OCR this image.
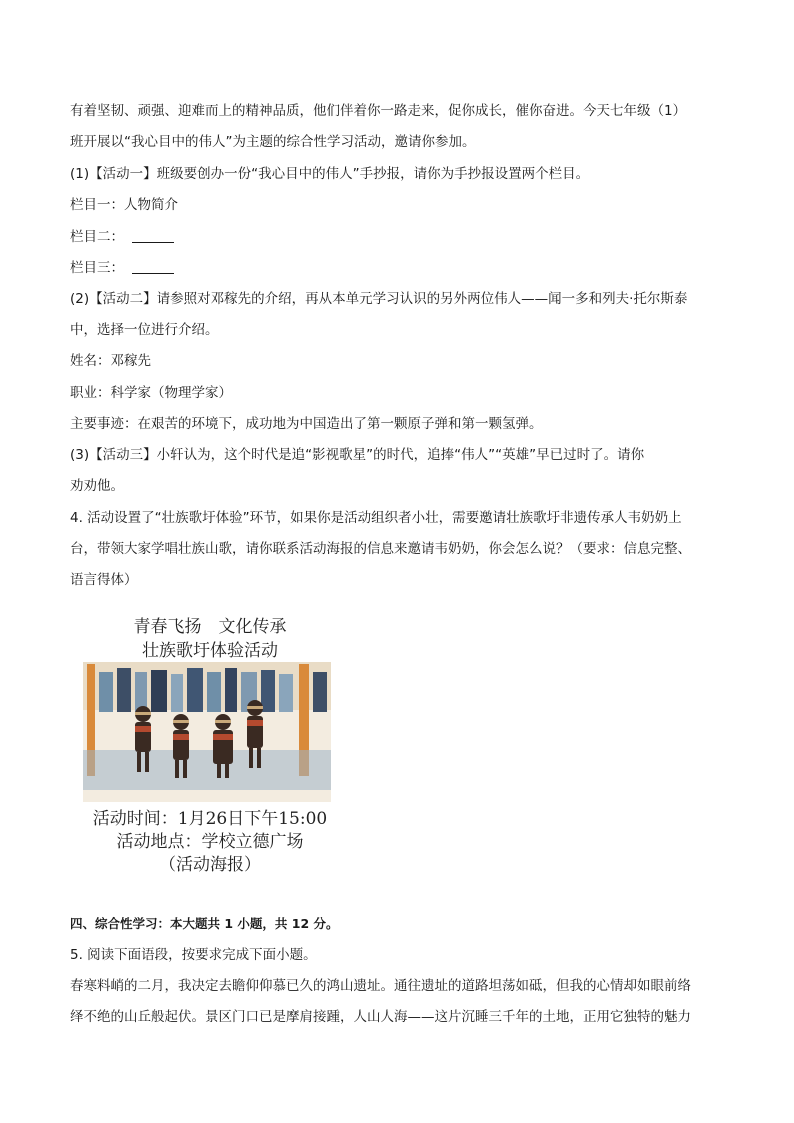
有着坚韧、顽强、迎难而上的精神品质，他们伴着你一路走来，促你成长，催你奋进。今天七年级（1）
班开展以“我心目中的伟人”为主题的综合性学习活动，邀请你参加。
(1)【活动一】班级要创办一份“我心目中的伟人”手抄报，请你为手抄报设置两个栏目。
栏目一：人物简介
栏目二：
栏目三：
(2)【活动二】请参照对邓稼先的介绍，再从本单元学习认识的另外两位伟人——闻一多和列夫·托尔斯泰
中，选择一位进行介绍。
姓名：邓稼先
职业：科学家（物理学家）
主要事迹：在艰苦的环境下，成功地为中国造出了第一颗原子弹和第一颗氢弹。
(3)【活动三】小轩认为，这个时代是追“影视歌星”的时代，追捧“伟人”“英雄”早已过时了。请你
劝劝他。
4. 活动设置了“壮族歌圩体验”环节，如果你是活动组织者小壮，需要邀请壮族歌圩非遗传承人韦奶奶上
台，带领大家学唱壮族山歌，请你联系活动海报的信息来邀请韦奶奶，你会怎么说？（要求：信息完整、
语言得体）
青春飞扬　文化传承
壮族歌圩体验活动
活动时间：1月26日下午15:00
活动地点：学校立德广场
（活动海报）
四、综合性学习：本大题共 1 小题，共 12 分。
5. 阅读下面语段，按要求完成下面小题。
春寒料峭的二月，我决定去瞻仰仰慕已久的鸿山遗址。通往遗址的道路坦荡如砥，但我的心情却如眼前络
绎不绝的山丘般起伏。景区门口已是摩肩接踵，人山人海——这片沉睡三千年的土地，正用它独特的魅力
